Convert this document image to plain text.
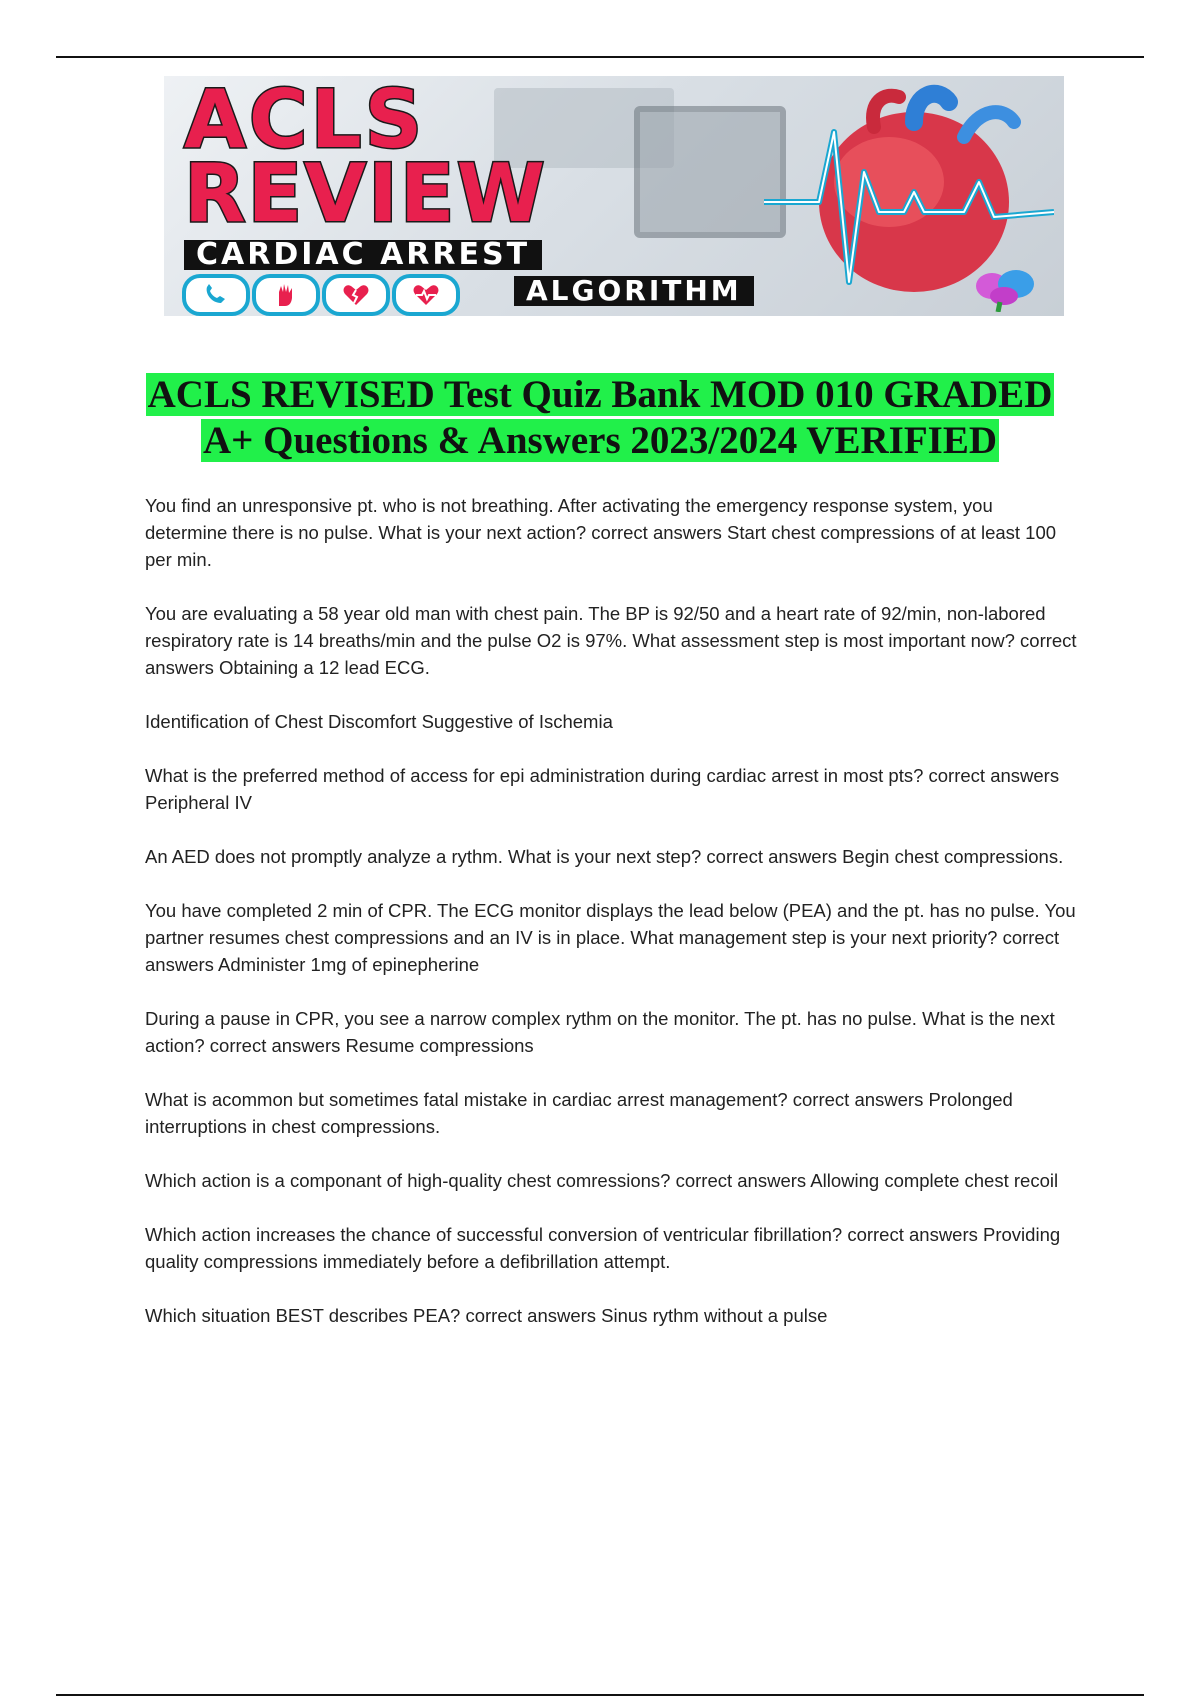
ACLS
REVIEW
CARDIAC ARREST
ALGORITHM
ACLS REVISED Test Quiz Bank MOD 010 GRADED
A+ Questions & Answers 2023/2024 VERIFIED

You find an unresponsive pt. who is not breathing. After activating the emergency response system, you determine there is no pulse. What is your next action? correct answers Start chest compressions of at least 100 per min.

You are evaluating a 58 year old man with chest pain. The BP is 92/50 and a heart rate of 92/min, non-labored respiratory rate is 14 breaths/min and the pulse O2 is 97%. What assessment step is most important now? correct answers Obtaining a 12 lead ECG.

Identification of Chest Discomfort Suggestive of Ischemia

What is the preferred method of access for epi administration during cardiac arrest in most pts? correct answers Peripheral IV

An AED does not promptly analyze a rythm. What is your next step? correct answers Begin chest compressions.

You have completed 2 min of CPR. The ECG monitor displays the lead below (PEA) and the pt. has no pulse. You partner resumes chest compressions and an IV is in place. What management step is your next priority? correct answers Administer 1mg of epinepherine

During a pause in CPR, you see a narrow complex rythm on the monitor. The pt. has no pulse. What is the next action? correct answers Resume compressions

What is acommon but sometimes fatal mistake in cardiac arrest management? correct answers Prolonged interruptions in chest compressions.

Which action is a componant of high-quality chest comressions? correct answers Allowing complete chest recoil

Which action increases the chance of successful conversion of ventricular fibrillation? correct answers Providing quality compressions immediately before a defibrillation attempt.

Which situation BEST describes PEA? correct answers Sinus rythm without a pulse
